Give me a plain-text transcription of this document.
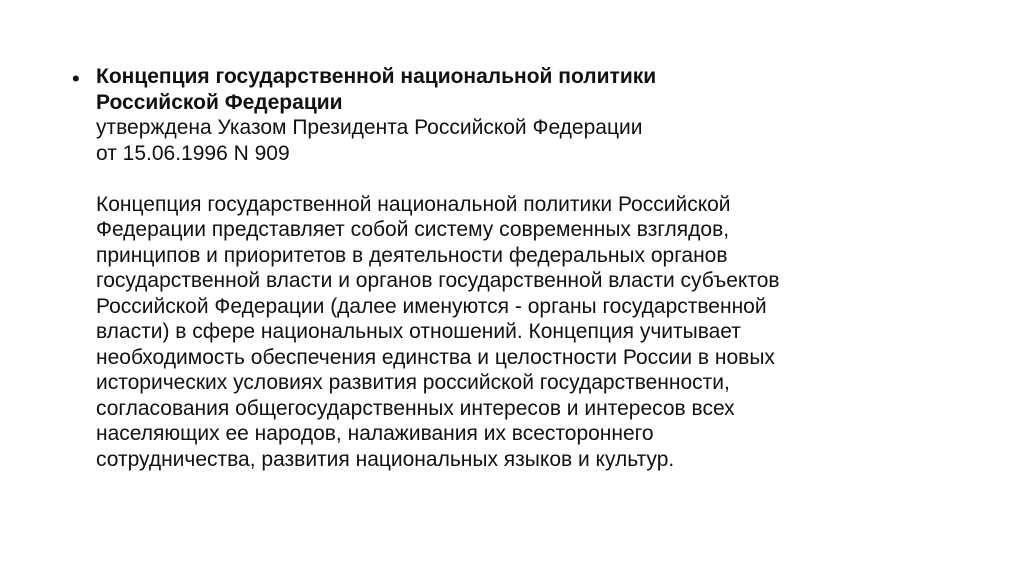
• Концепция государственной национальной политики
Российской Федерации
утверждена Указом Президента Российской Федерации
от 15.06.1996 N 909
Концепция государственной национальной политики Российской
Федерации представляет собой систему современных взглядов,
принципов и приоритетов в деятельности федеральных органов
государственной власти и органов государственной власти субъектов
Российской Федерации (далее именуются - органы государственной
власти) в сфере национальных отношений. Концепция учитывает
необходимость обеспечения единства и целостности России в новых
исторических условиях развития российской государственности,
согласования общегосударственных интересов и интересов всех
населяющих ее народов, налаживания их всестороннего
сотрудничества, развития национальных языков и культур.
